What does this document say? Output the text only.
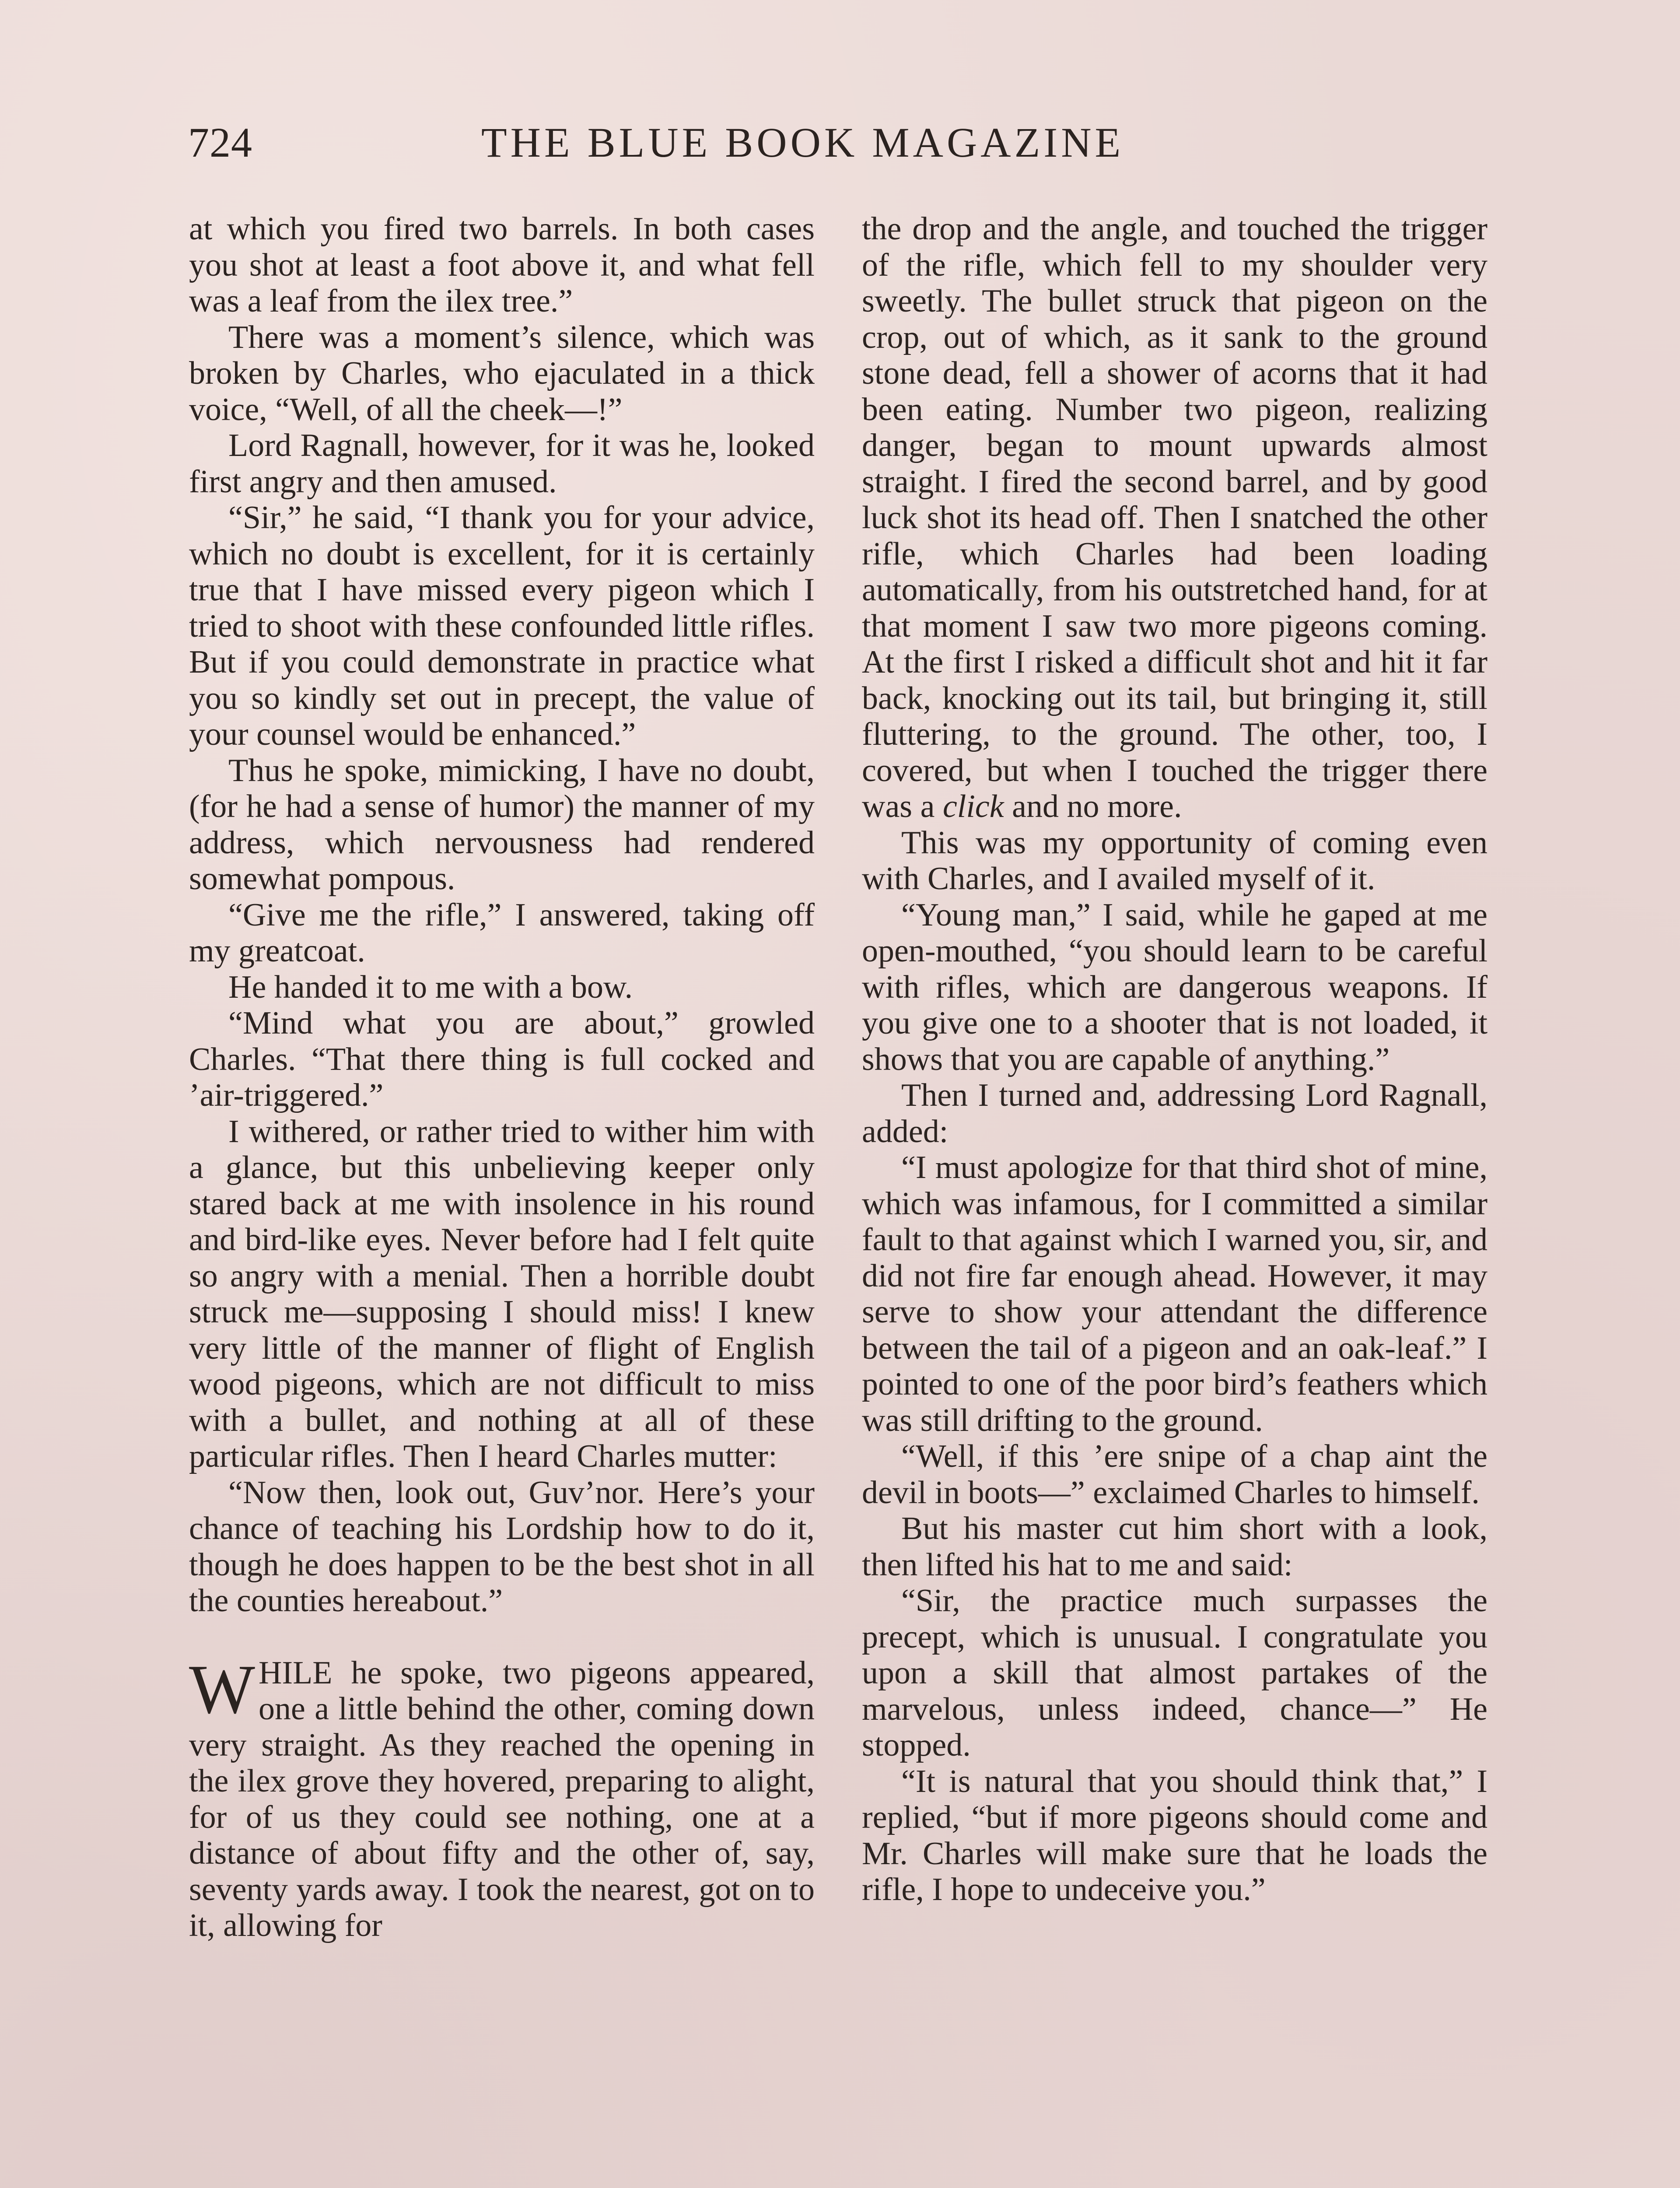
724	THE BLUE BOOK MAGAZINE

at which you fired two barrels. In both cases you shot at least a foot above it, and what fell was a leaf from the ilex tree.”

There was a moment’s silence, which was broken by Charles, who ejaculated in a thick voice, “Well, of all the cheek—!”

Lord Ragnall, however, for it was he, looked first angry and then amused.

“Sir,” he said, “I thank you for your advice, which no doubt is excellent, for it is certainly true that I have missed every pigeon which I tried to shoot with these confounded little rifles. But if you could demonstrate in practice what you so kindly set out in precept, the value of your counsel would be enhanced.”

Thus he spoke, mimicking, I have no doubt, (for he had a sense of humor) the manner of my address, which nervousness had rendered somewhat pompous.

“Give me the rifle,” I answered, taking off my greatcoat.

He handed it to me with a bow.

“Mind what you are about,” growled Charles. “That there thing is full cocked and ’air-triggered.”

I withered, or rather tried to wither him with a glance, but this unbelieving keeper only stared back at me with insolence in his round and bird-like eyes. Never before had I felt quite so angry with a menial. Then a horrible doubt struck me—supposing I should miss! I knew very little of the manner of flight of English wood pigeons, which are not difficult to miss with a bullet, and nothing at all of these particular rifles. Then I heard Charles mutter:

“Now then, look out, Guv’nor. Here’s your chance of teaching his Lordship how to do it, though he does happen to be the best shot in all the counties hereabout.”

WHILE he spoke, two pigeons appeared, one a little behind the other, coming down very straight. As they reached the opening in the ilex grove they hovered, preparing to alight, for of us they could see nothing, one at a distance of about fifty and the other of, say, seventy yards away. I took the nearest, got on to it, allowing for

the drop and the angle, and touched the trigger of the rifle, which fell to my shoulder very sweetly. The bullet struck that pigeon on the crop, out of which, as it sank to the ground stone dead, fell a shower of acorns that it had been eating. Number two pigeon, realizing danger, began to mount upwards almost straight. I fired the second barrel, and by good luck shot its head off. Then I snatched the other rifle, which Charles had been loading automatically, from his outstretched hand, for at that moment I saw two more pigeons coming. At the first I risked a difficult shot and hit it far back, knocking out its tail, but bringing it, still fluttering, to the ground. The other, too, I covered, but when I touched the trigger there was a click and no more.

This was my opportunity of coming even with Charles, and I availed myself of it.

“Young man,” I said, while he gaped at me open-mouthed, “you should learn to be careful with rifles, which are dangerous weapons. If you give one to a shooter that is not loaded, it shows that you are capable of anything.”

Then I turned and, addressing Lord Ragnall, added:

“I must apologize for that third shot of mine, which was infamous, for I committed a similar fault to that against which I warned you, sir, and did not fire far enough ahead. However, it may serve to show your attendant the difference between the tail of a pigeon and an oak-leaf.” I pointed to one of the poor bird’s feathers which was still drifting to the ground.

“Well, if this ’ere snipe of a chap aint the devil in boots—” exclaimed Charles to himself.

But his master cut him short with a look, then lifted his hat to me and said:

“Sir, the practice much surpasses the precept, which is unusual. I congratulate you upon a skill that almost partakes of the marvelous, unless indeed, chance—” He stopped.

“It is natural that you should think that,” I replied, “but if more pigeons should come and Mr. Charles will make sure that he loads the rifle, I hope to undeceive you.”
